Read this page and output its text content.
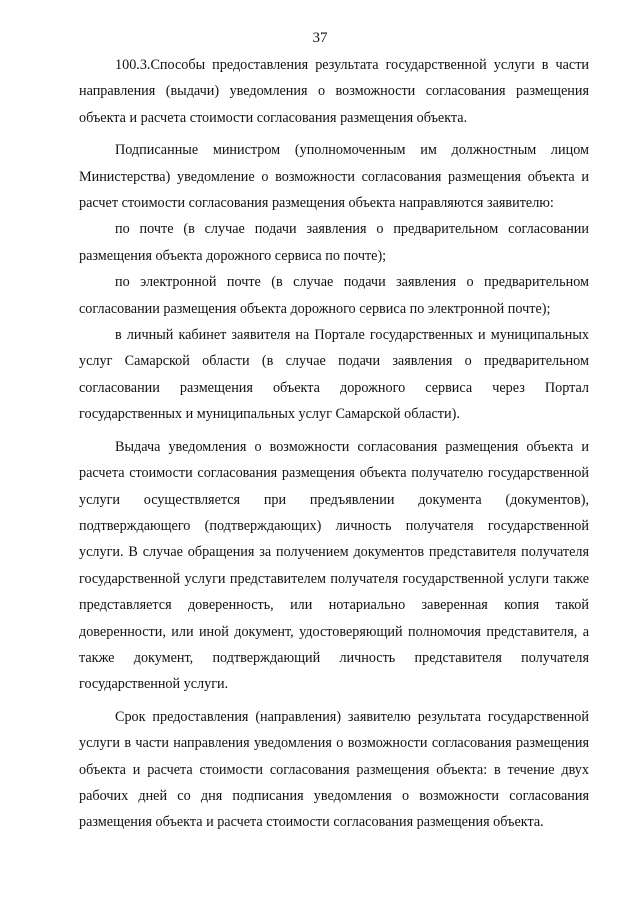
37

100.3.Способы предоставления результата государственной услуги в части направления (выдачи) уведомления о возможности согласования размещения объекта и расчета стоимости согласования размещения объекта.

Подписанные министром (уполномоченным им должностным лицом Министерства) уведомление о возможности согласования размещения объекта и расчет стоимости согласования размещения объекта направляются заявителю:

по почте (в случае подачи заявления о предварительном согласовании размещения объекта дорожного сервиса по почте);

по электронной почте (в случае подачи заявления о предварительном согласовании размещения объекта дорожного сервиса по электронной почте);

в личный кабинет заявителя на Портале государственных и муниципальных услуг Самарской области (в случае подачи заявления о предварительном согласовании размещения объекта дорожного сервиса через Портал государственных и муниципальных услуг Самарской области).

Выдача уведомления о возможности согласования размещения объекта и расчета стоимости согласования размещения объекта получателю государственной услуги осуществляется при предъявлении документа (документов), подтверждающего (подтверждающих) личность получателя государственной услуги. В случае обращения за получением документов представителя получателя государственной услуги представителем получателя государственной услуги также представляется доверенность, или нотариально заверенная копия такой доверенности, или иной документ, удостоверяющий полномочия представителя, а также документ, подтверждающий личность представителя получателя государственной услуги.

Срок предоставления (направления) заявителю результата государственной услуги в части направления уведомления о возможности согласования размещения объекта и расчета стоимости согласования размещения объекта: в течение двух рабочих дней со дня подписания уведомления о возможности согласования размещения объекта и расчета стоимости согласования размещения объекта.
